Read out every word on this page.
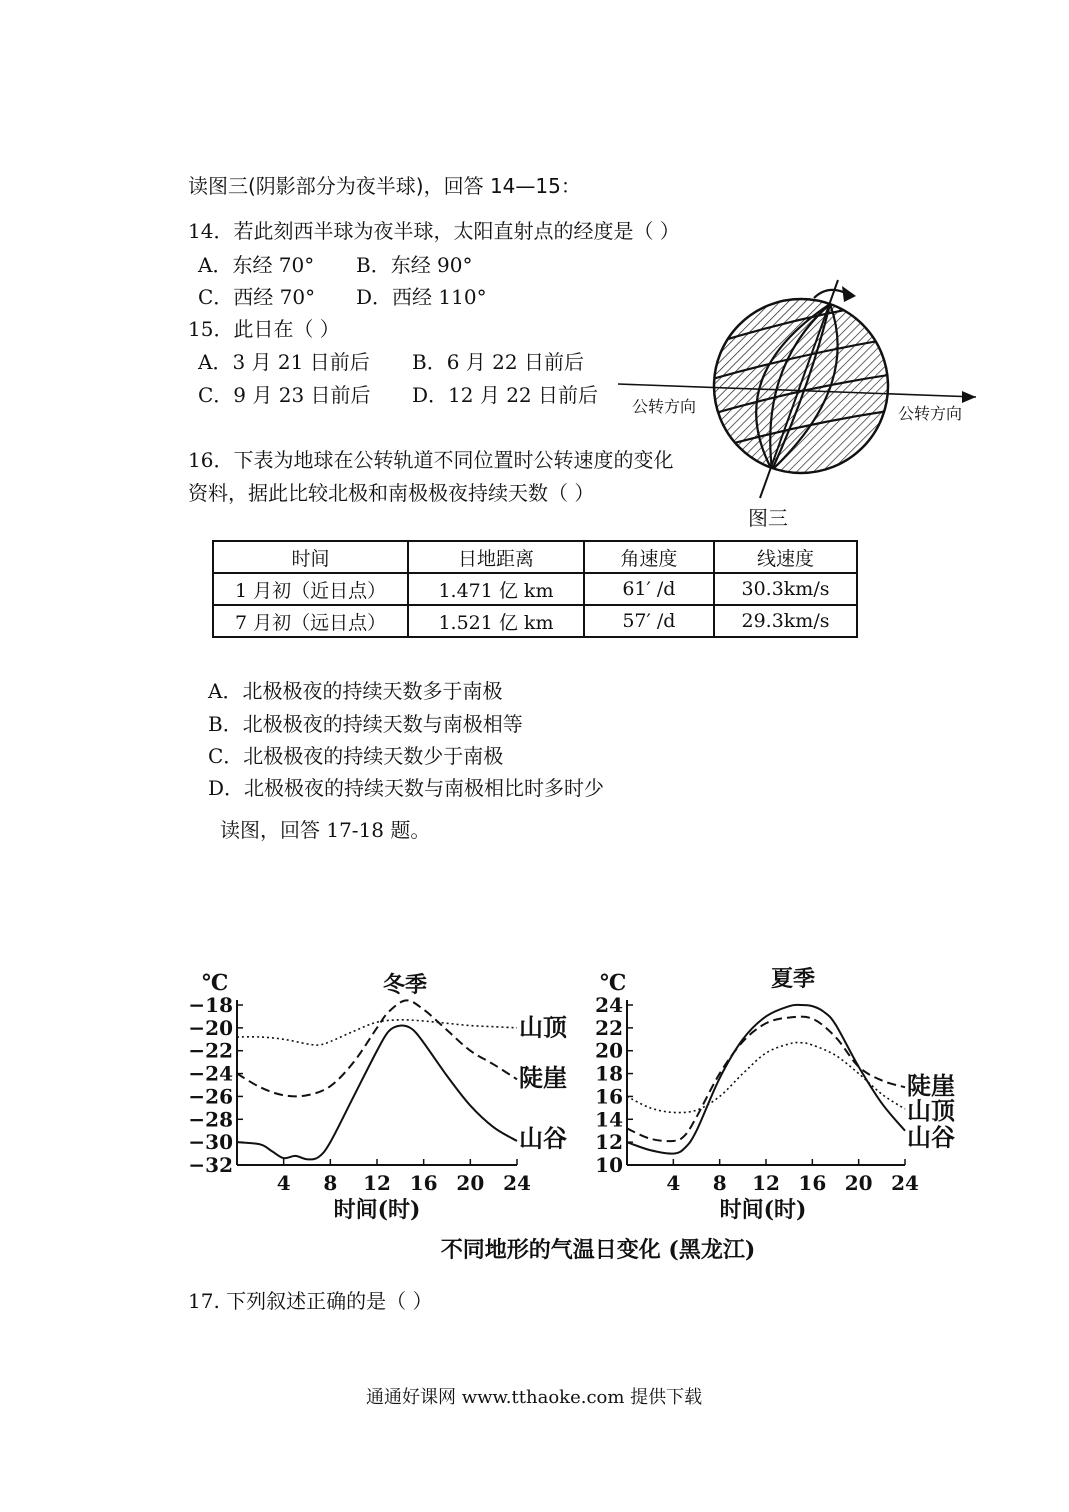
读图三(阴影部分为夜半球)，回答 14—15：
14．若此刻西半球为夜半球，太阳直射点的经度是（ ）
A．东经 70° B．东经 90°
C．西经 70° D．西经 110°
15．此日在（ ）
A．3 月 21 日前后 B．6 月 22 日前后
C．9 月 23 日前后 D．12 月 22 日前后 公转方向	公转方向
图三
16．下表为地球在公转轨道不同位置时公转速度的变化
资料，据此比较北极和南极极夜持续天数（ ）
时间	日地距离	角速度	线速度
1 月初（近日点）	1.471 亿 km	61′ /d	30.3km/s
7 月初（远日点）	1.521 亿 km	57′ /d	29.3km/s
A．北极极夜的持续天数多于南极
B．北极极夜的持续天数与南极相等
C．北极极夜的持续天数少于南极
D．北极极夜的持续天数与南极相比时多时少
读图，回答 17-18 题。
℃	冬季
−18
−20
−22
−24
−26
−28
−30
−32
4 8 12 16 20 24
山顶
陡崖
山谷
时间(时)
℃	夏季
24
22
20
18
16
14
12
10
4 8 12 16 20 24
陡崖
山顶
山谷
时间(时)
不同地形的气温日变化 (黑龙江)
17. 下列叙述正确的是（ ）
通通好课网 www.tthaoke.com 提供下载
